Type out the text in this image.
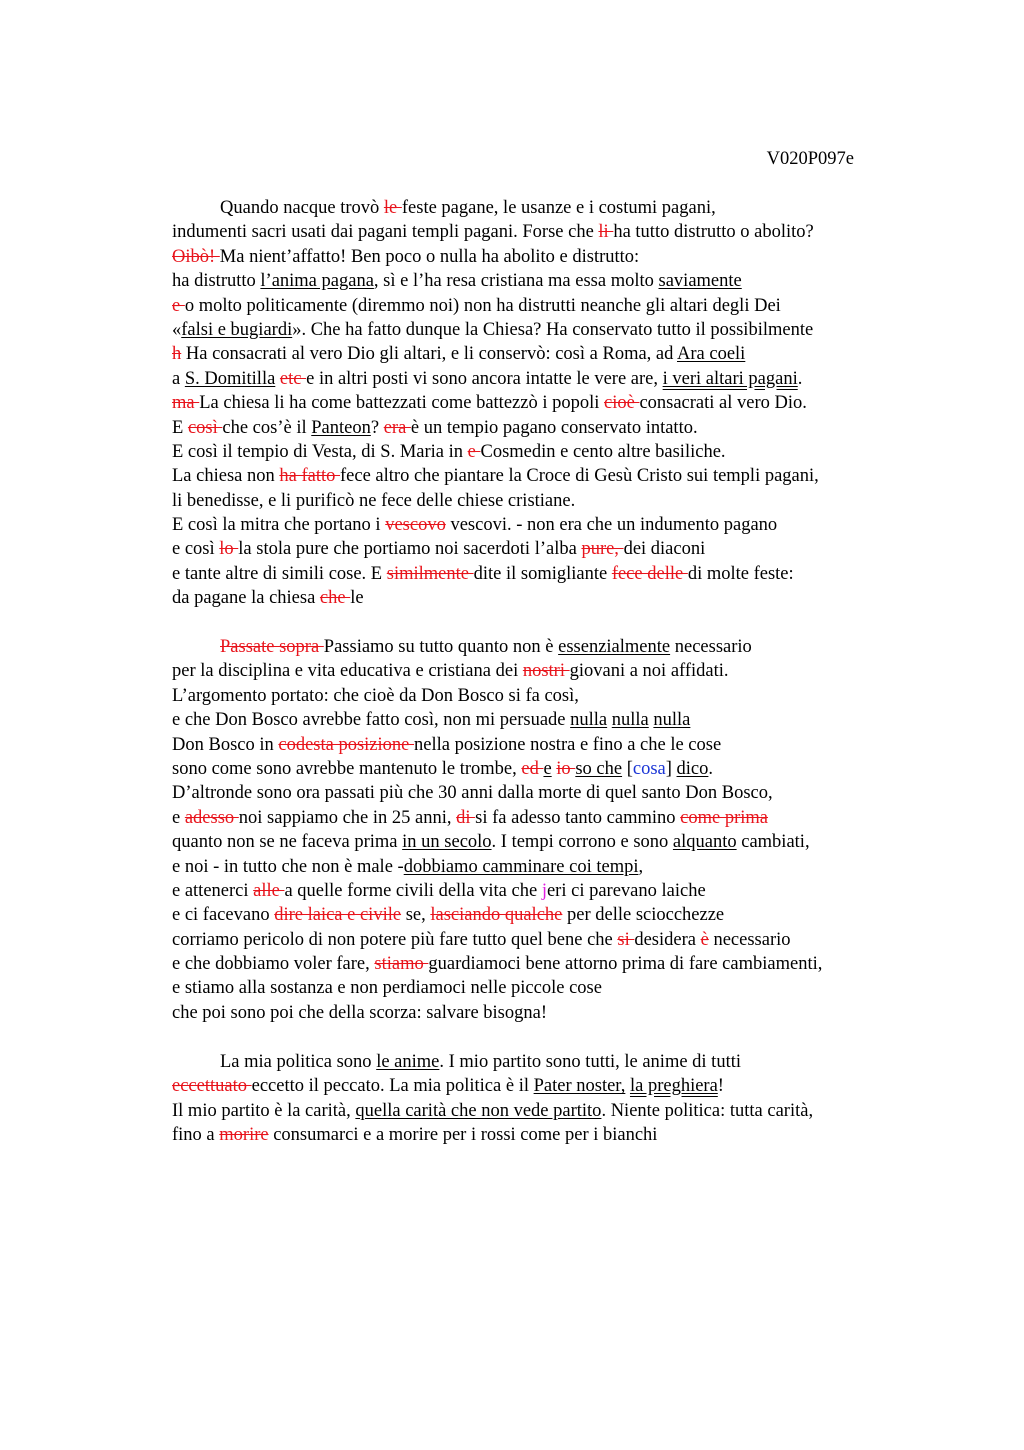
V020P097e
Quando nacque trovò le feste pagane, le usanze e i costumi pagani,
indumenti sacri usati dai pagani templi pagani. Forse che li ha tutto distrutto o abolito?
Oibò! Ma nient’affatto! Ben poco o nulla ha abolito e distrutto:
ha distrutto l’anima pagana, sì e l’ha resa cristiana ma essa molto saviamente
e o molto politicamente (diremmo noi) non ha distrutti neanche gli altari degli Dei
«falsi e bugiardi». Che ha fatto dunque la Chiesa? Ha conservato tutto il possibilmente
h Ha consacrati al vero Dio gli altari, e li conservò: così a Roma, ad Ara coeli
a S. Domitilla etc e in altri posti vi sono ancora intatte le vere are, i veri altari pagani.
ma La chiesa li ha come battezzati come battezzò i popoli cioè consacrati al vero Dio.
E così che cos’è il Panteon? era è un tempio pagano conservato intatto.
E così il tempio di Vesta, di S. Maria in e Cosmedin e cento altre basiliche.
La chiesa non ha fatto fece altro che piantare la Croce di Gesù Cristo sui templi pagani,
li benedisse, e li purificò ne fece delle chiese cristiane.
E così la mitra che portano i vescovo vescovi. - non era che un indumento pagano
e così lo la stola pure che portiamo noi sacerdoti l’alba pure, dei diaconi
e tante altre di simili cose. E similmente dite il somigliante fece delle di molte feste:
da pagane la chiesa che le
Passate sopra Passiamo su tutto quanto non è essenzialmente necessario
per la disciplina e vita educativa e cristiana dei nostri giovani a noi affidati.
L’argomento portato: che cioè da Don Bosco si fa così,
e che Don Bosco avrebbe fatto così, non mi persuade nulla nulla nulla
Don Bosco in codesta posizione nella posizione nostra e fino a che le cose
sono come sono avrebbe mantenuto le trombe, ed e io so che [cosa] dico.
D’altronde sono ora passati più che 30 anni dalla morte di quel santo Don Bosco,
e adesso noi sappiamo che in 25 anni, di si fa adesso tanto cammino come prima
quanto non se ne faceva prima in un secolo. I tempi corrono e sono alquanto cambiati,
e noi - in tutto che non è male -dobbiamo camminare coi tempi,
e attenerci alle a quelle forme civili della vita che jeri ci parevano laiche
e ci facevano dire laica e civile se, lasciando qualche per delle sciocchezze
corriamo pericolo di non potere più fare tutto quel bene che si desidera è necessario
e che dobbiamo voler fare, stiamo guardiamoci bene attorno prima di fare cambiamenti,
e stiamo alla sostanza e non perdiamoci nelle piccole cose
che poi sono poi che della scorza: salvare bisogna!
La mia politica sono le anime. I mio partito sono tutti, le anime di tutti
eccettuato eccetto il peccato. La mia politica è il Pater noster, la preghiera!
Il mio partito è la carità, quella carità che non vede partito. Niente politica: tutta carità,
fino a morire consumarci e a morire per i rossi come per i bianchi
